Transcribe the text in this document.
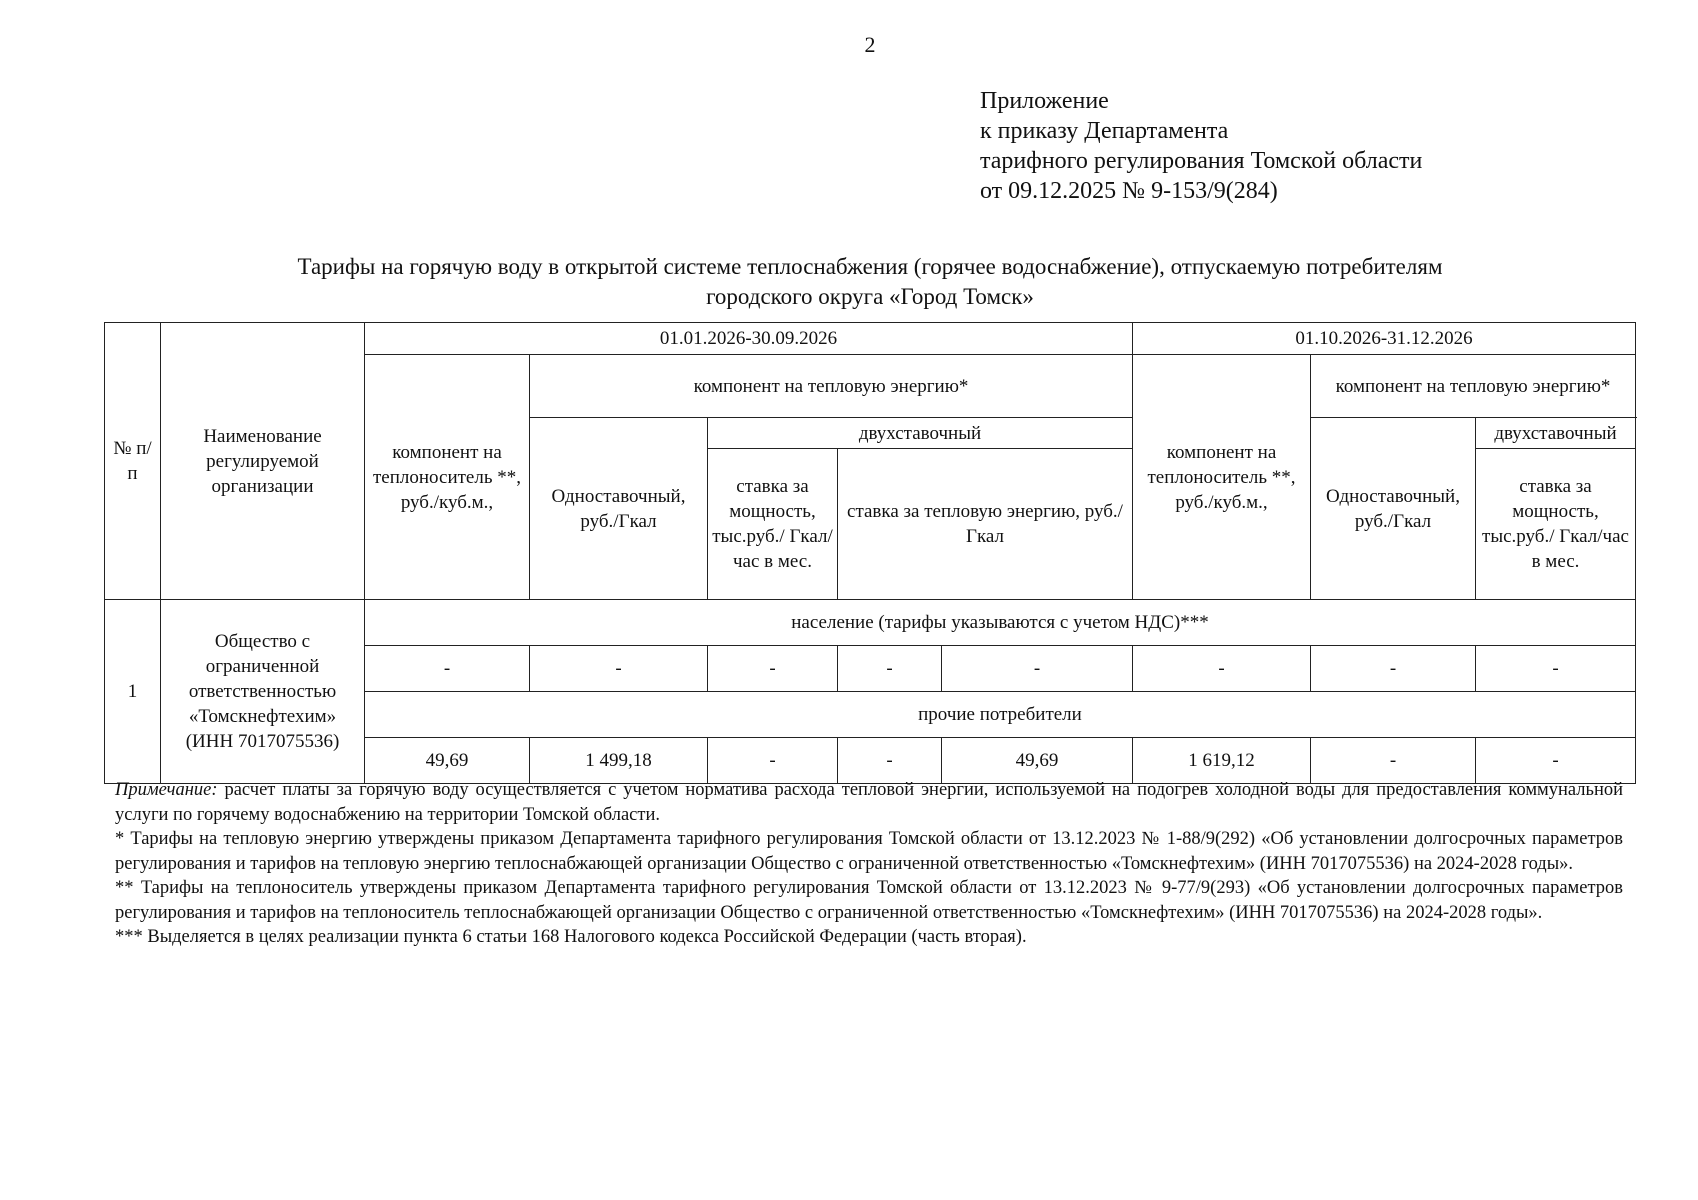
2
Приложение
к приказу Департамента
тарифного регулирования Томской области
от 09.12.2025 № 9-153/9(284)
Тарифы на горячую воду в открытой системе теплоснабжения (горячее водоснабжение), отпускаемую потребителям
городского округа «Город Томск»
№ п/п	Наименование регулируемой организации	01.01.2026-30.09.2026					01.10.2026-31.12.2026			
		компонент на теплоноситель **, руб./куб.м.,	компонент на тепловую энергию*				компонент на теплоноситель **, руб./куб.м.,	компонент на тепловую энергию*		
			Одноставочный, руб./Гкал	двухставочный				Одноставочный, руб./Гкал	двухставочный	
				ставка за мощность, тыс.руб./ Гкал/час в мес.	ставка за тепловую энергию, руб./Гкал				ставка за мощность, тыс.руб./ Гкал/час в мес.	
1	Общество с ограниченной ответственностью «Томскнефтехим» (ИНН 7017075536)	население (тарифы указываются с учетом НДС)***								
		-	-	-	-	-	-	-	-	
		прочие потребители								
		49,69	1 499,18	-	-	49,69	1 619,12	-	-	

Примечание: расчет платы за горячую воду осуществляется с учетом норматива расхода тепловой энергии, используемой на подогрев холодной воды для предоставления коммунальной услуги по горячему водоснабжению на территории Томской области.

* Тарифы на тепловую энергию утверждены приказом Департамента тарифного регулирования Томской области от 13.12.2023 № 1-88/9(292) «Об установлении долгосрочных параметров регулирования и тарифов на тепловую энергию теплоснабжающей организации Общество с ограниченной ответственностью «Томскнефтехим» (ИНН 7017075536) на 2024-2028 годы».

** Тарифы на теплоноситель утверждены приказом Департамента тарифного регулирования Томской области от 13.12.2023 № 9-77/9(293) «Об установлении долгосрочных параметров регулирования и тарифов на теплоноситель теплоснабжающей организации Общество с ограниченной ответственностью «Томскнефтехим» (ИНН 7017075536) на 2024-2028 годы».

*** Выделяется в целях реализации пункта 6 статьи 168 Налогового кодекса Российской Федерации (часть вторая).
